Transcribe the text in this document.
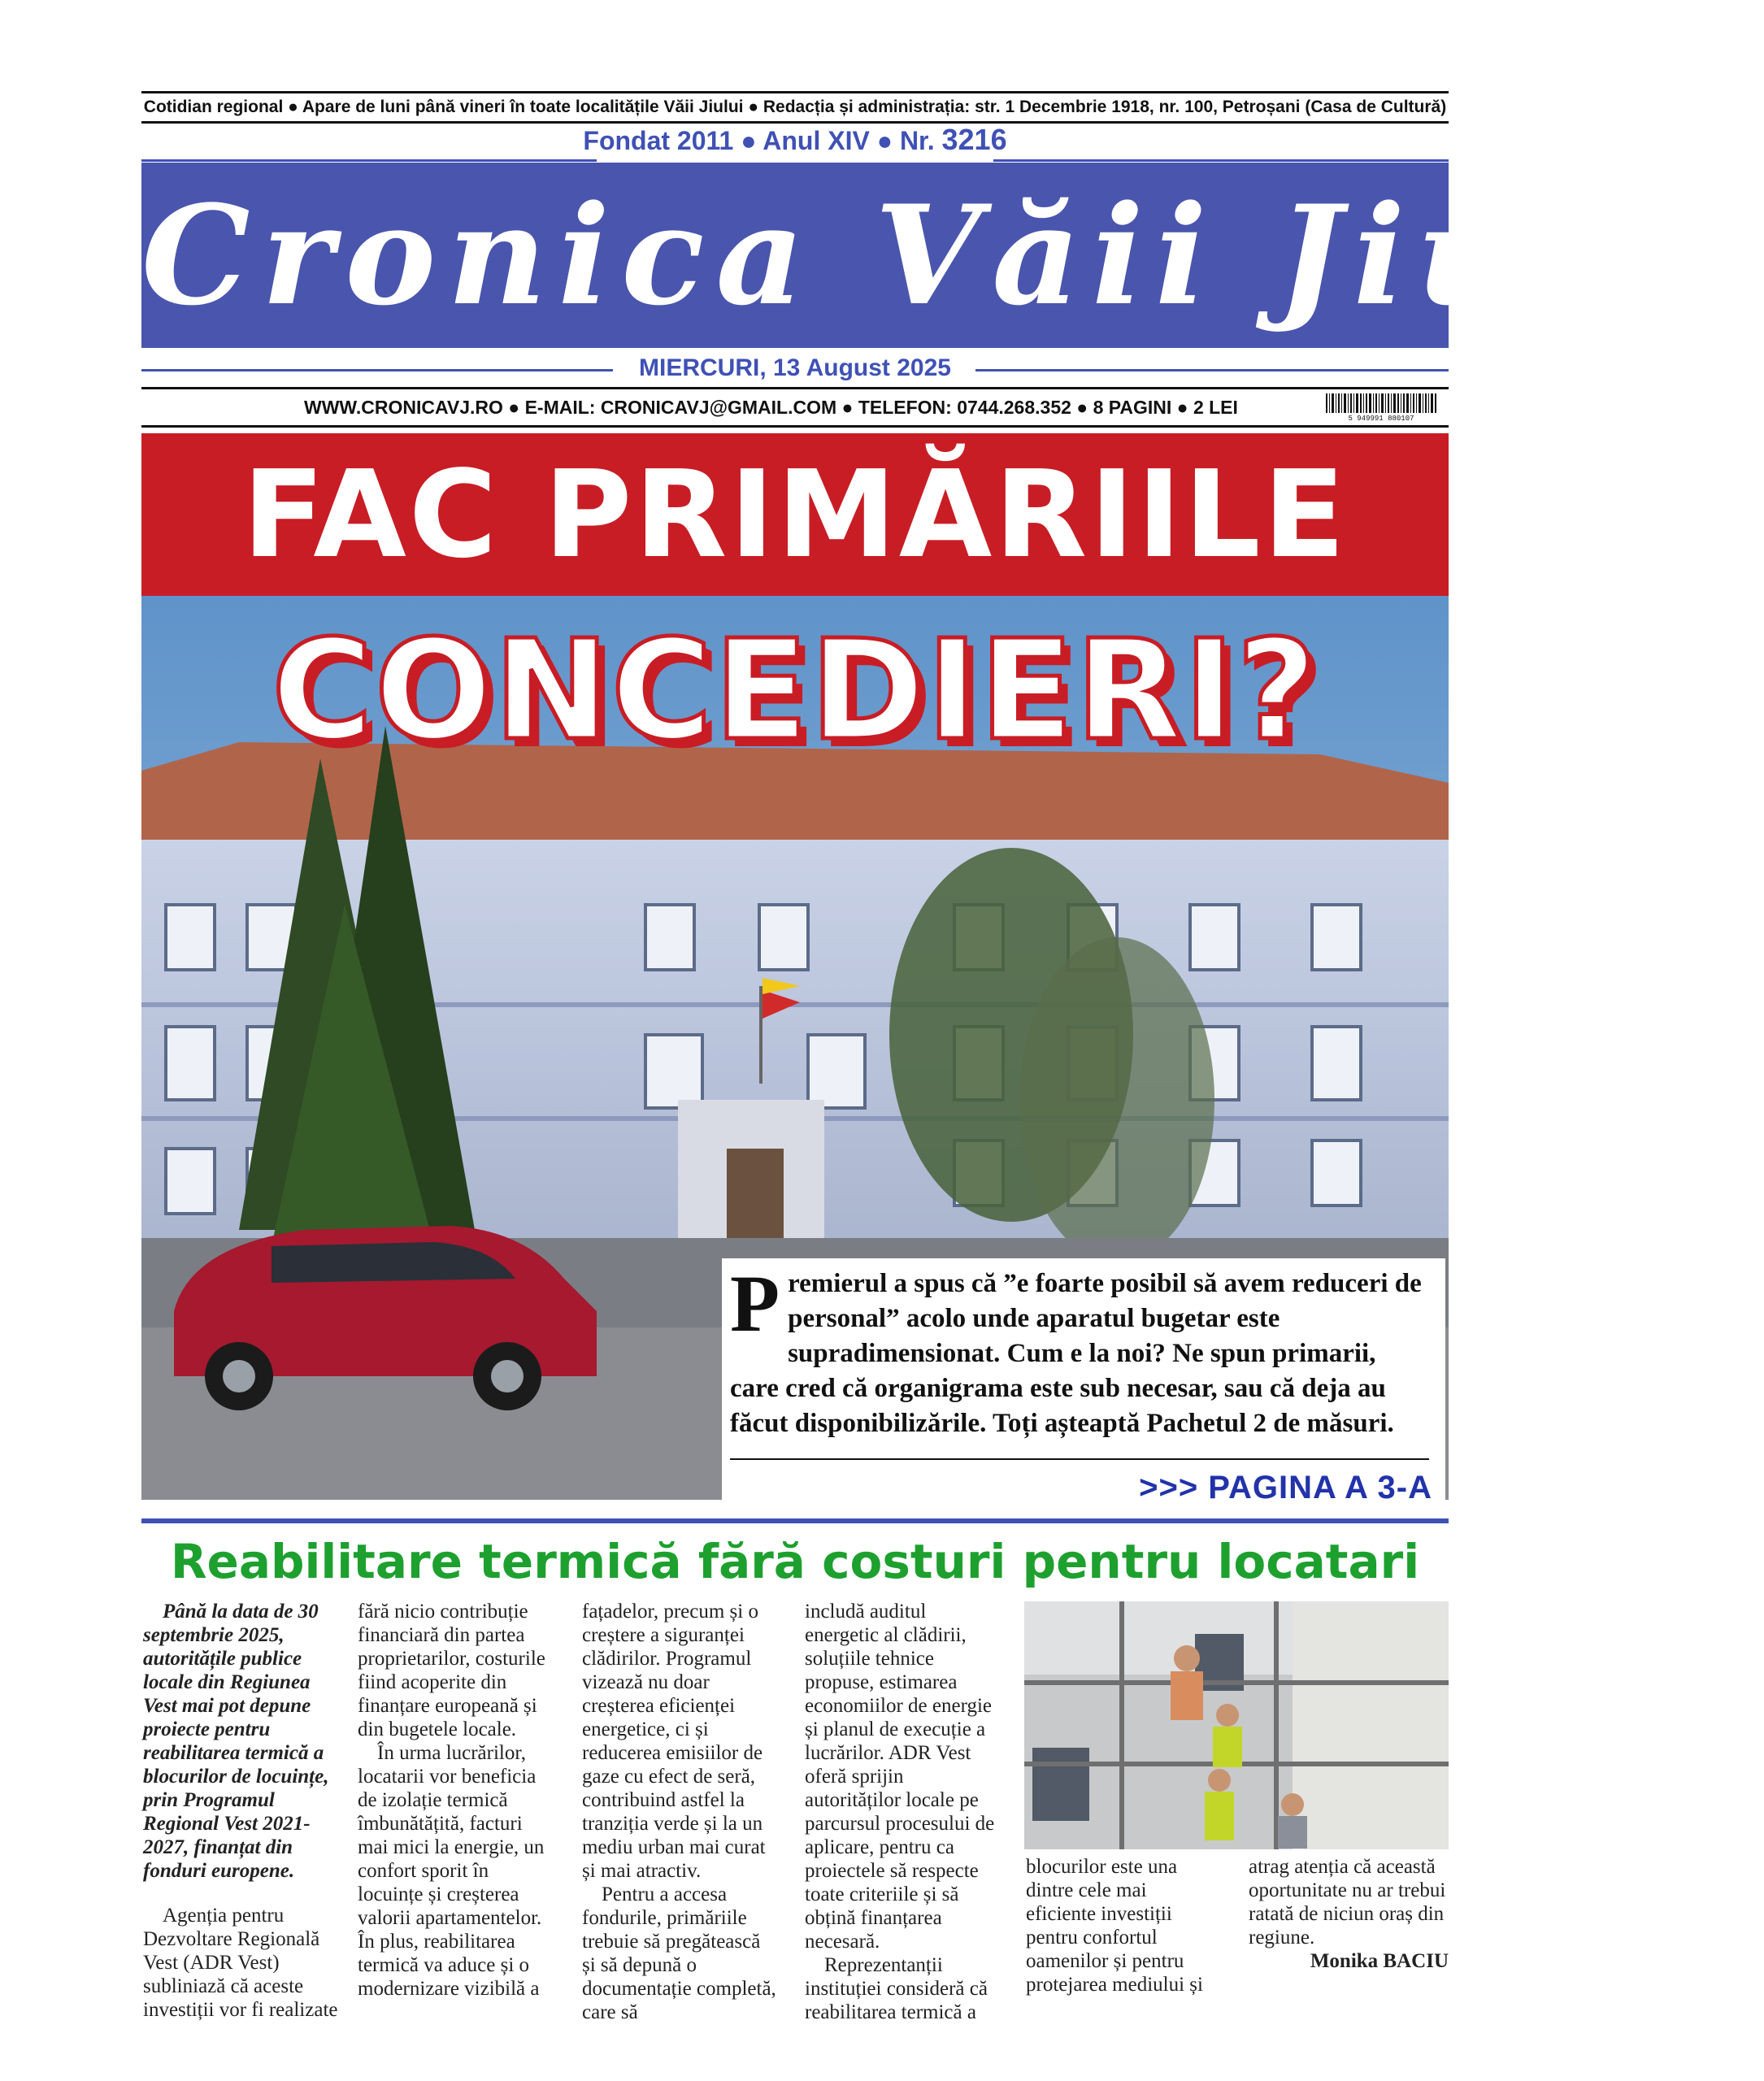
Cotidian regional ● Apare de luni până vineri în toate localitățile Văii Jiului ● Redacția și administrația: str. 1 Decembrie 1918, nr. 100, Petroșani (Casa de Cultură)
Fondat 2011 ● Anul XIV ● Nr. 3216
Cronica Văii Jiului
MIERCURI, 13 August 2025
WWW.CRONICAVJ.RO ● E-MAIL: CRONICAVJ@GMAIL.COM ● TELEFON: 0744.268.352 ● 8 PAGINI ● 2 LEI
5 949991 880107
FAC PRIMĂRIILE
CONCEDIERI?
Premierul a spus că ”e foarte posibil să avem reduceri de personal” acolo unde aparatul bugetar este supradimensionat. Cum e la noi? Ne spun primarii, care cred că organigrama este sub necesar, sau că deja au făcut disponibilizările. Toți așteaptă Pachetul 2 de măsuri.
>>> PAGINA A 3-A
Reabilitare termică fără costuri pentru locatari

Până la data de 30 septembrie 2025, autoritățile publice locale din Regiunea Vest mai pot depune proiecte pentru reabilitarea termică a blocurilor de locuințe, prin Programul Regional Vest 2021-2027, finanțat din fonduri europene.

Agenția pentru Dezvoltare Regională Vest (ADR Vest) subliniază că aceste investiții vor fi realizate

fără nicio contribuție financiară din partea proprietarilor, costurile fiind acoperite din finanțare europeană și din bugetele locale.

În urma lucrărilor, locatarii vor beneficia de izolație termică îmbunătățită, facturi mai mici la energie, un confort sporit în locuințe și creșterea valorii apartamentelor. În plus, reabilitarea termică va aduce și o modernizare vizibilă a

fațadelor, precum și o creștere a siguranței clădirilor. Programul vizează nu doar creșterea eficienței energetice, ci și reducerea emisiilor de gaze cu efect de seră, contribuind astfel la tranziția verde și la un mediu urban mai curat și mai atractiv.

Pentru a accesa fondurile, primăriile trebuie să pregătească și să depună o documentație completă, care să

includă auditul energetic al clădirii, soluțiile tehnice propuse, estimarea economiilor de energie și planul de execuție a lucrărilor. ADR Vest oferă sprijin autorităților locale pe parcursul procesului de aplicare, pentru ca proiectele să respecte toate criteriile și să obțină finanțarea necesară.

Reprezentanții instituției consideră că reabilitarea termică a

blocurilor este una dintre cele mai eficiente investiții pentru confortul oamenilor și pentru protejarea mediului și

atrag atenția că această oportunitate nu ar trebui ratată de niciun oraș din regiune.

Monika BACIU
